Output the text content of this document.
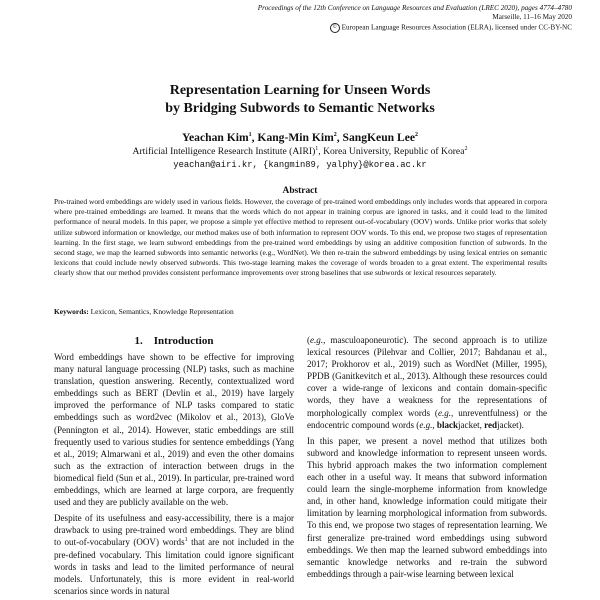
Proceedings of the 12th Conference on Language Resources and Evaluation (LREC 2020), pages 4774–4780
Marseille, 11–16 May 2020
© European Language Resources Association (ELRA), licensed under CC-BY-NC
Representation Learning for Unseen Words
by Bridging Subwords to Semantic Networks
Yeachan Kim$^1$, Kang-Min Kim$^2$, SangKeun Lee$^2$
Artificial Intelligence Research Institute (AIRI)$^1$, Korea University, Republic of Korea$^2$
yeachan@airi.kr, {kangmin89, yalphy}@korea.ac.kr
Abstract

Pre-trained word embeddings are widely used in various fields. However, the coverage of pre-trained word embeddings only includes words that appeared in corpora where pre-trained embeddings are learned. It means that the words which do not appear in training corpus are ignored in tasks, and it could lead to the limited performance of neural models. In this paper, we propose a simple yet effective method to represent out-of-vocabulary (OOV) words. Unlike prior works that solely utilize subword information or knowledge, our method makes use of both information to represent OOV words. To this end, we propose two stages of representation learning. In the first stage, we learn subword embeddings from the pre-trained word embeddings by using an additive composition function of subwords. In the second stage, we map the learned subwords into semantic networks (e.g., WordNet). We then re-train the subword embeddings by using lexical entries on semantic lexicons that could include newly observed subwords. This two-stage learning makes the coverage of words broaden to a great extent. The experimental results clearly show that our method provides consistent performance improvements over strong baselines that use subwords or lexical resources separately.

Keywords: Lexicon, Semantics, Knowledge Representation
1.    Introduction

Word embeddings have shown to be effective for improving many natural language processing (NLP) tasks, such as machine translation, question answering. Recently, contextualized word embeddings such as BERT (Devlin et al., 2019) have largely improved the performance of NLP tasks compared to static embeddings such as word2vec (Mikolov et al., 2013), GloVe (Pennington et al., 2014). However, static embeddings are still frequently used to various studies for sentence embeddings (Yang et al., 2019; Almarwani et al., 2019) and even the other domains such as the extraction of interaction between drugs in the biomedical field (Sun et al., 2019). In particular, pre-trained word embeddings, which are learned at large corpora, are frequently used and they are publicly available on the web.

Despite of its usefulness and easy-accessibility, there is a major drawback to using pre-trained word embeddings. They are blind to out-of-vocabulary (OOV) words$^1$ that are not included in the pre-defined vocabulary. This limitation could ignore significant words in tasks and lead to the limited performance of neural models. Unfortunately, this is more evident in real-world scenarios since words in natural

(e.g., masculoaponeurotic). The second approach is to utilize lexical resources (Pilehvar and Collier, 2017; Bahdanau et al., 2017; Prokhorov et al., 2019) such as WordNet (Miller, 1995), PPDB (Ganitkevitch et al., 2013). Although these resources could cover a wide-range of lexicons and contain domain-specific words, they have a weakness for the representations of morphologically complex words (e.g., unreventfulness) or the endocentric compound words (e.g., blackjacket, redjacket).

In this paper, we present a novel method that utilizes both subword and knowledge information to represent unseen words. This hybrid approach makes the two information complement each other in a useful way. It means that subword information could learn the single-morpheme information from knowledge and, in other hand, knowledge information could mitigate their limitation by learning morphological information from subwords. To this end, we propose two stages of representation learning. We first generalize pre-trained word embeddings using subword embeddings. We then map the learned subword embeddings into semantic knowledge networks and re-train the subword embeddings through a pair-wise learning between lexical
